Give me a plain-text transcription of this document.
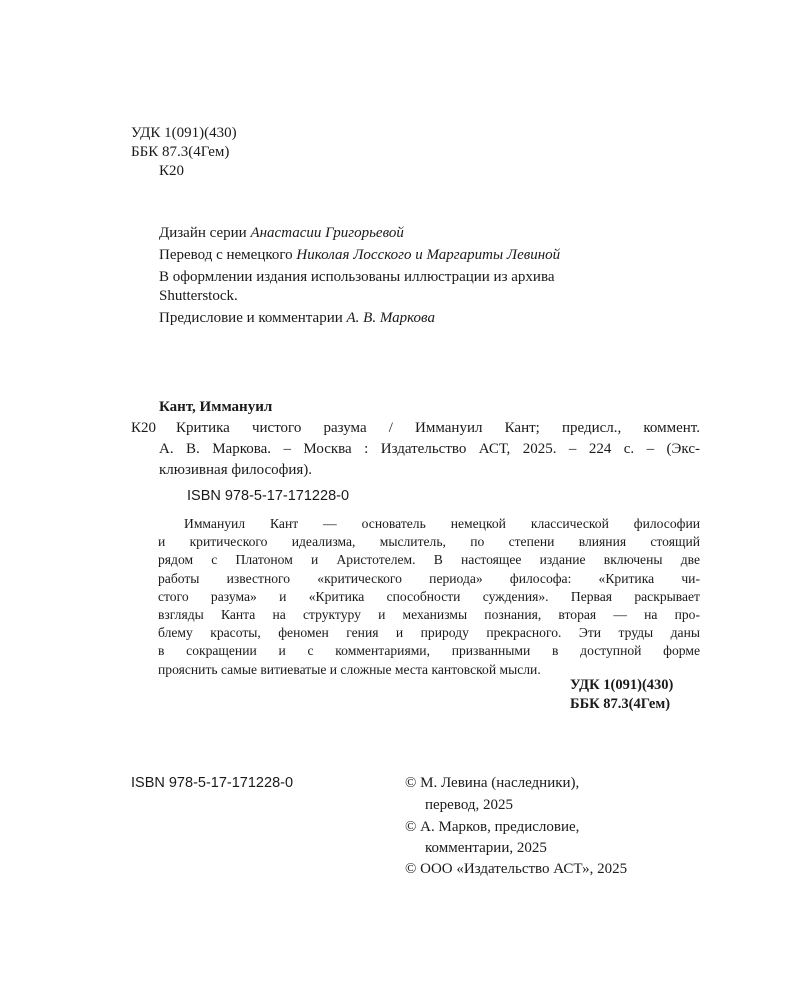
УДК 1(091)(430)
ББК 87.3(4Гем)
К20
Дизайн серии Анастасии Григорьевой
Перевод с немецкого Николая Лосского и Маргариты Левиной
В оформлении издания использованы иллюстрации из архива
Shutterstock.
Предисловие и комментарии А. В. Маркова
Кант, Иммануил
К20 Критика чистого разума / Иммануил Кант; предисл., коммент.
А. В. Маркова. – Москва : Издательство АСТ, 2025. – 224 с. – (Экс-
клюзивная философия).
ISBN 978-5-17-171228-0
Иммануил Кант — основатель немецкой классической философии
и критического идеализма, мыслитель, по степени влияния стоящий
рядом с Платоном и Аристотелем. В настоящее издание включены две
работы известного «критического периода» философа: «Критика чи-
стого разума» и «Критика способности суждения». Первая раскрывает
взгляды Канта на структуру и механизмы познания, вторая — на про-
блему красоты, феномен гения и природу прекрасного. Эти труды даны
в сокращении и с комментариями, призванными в доступной форме
прояснить самые витиеватые и сложные места кантовской мысли.
УДК 1(091)(430)
ББК 87.3(4Гем)
ISBN 978-5-17-171228-0	© М. Левина (наследники),
перевод, 2025
© А. Марков, предисловие,
комментарии, 2025
© ООО «Издательство АСТ», 2025
